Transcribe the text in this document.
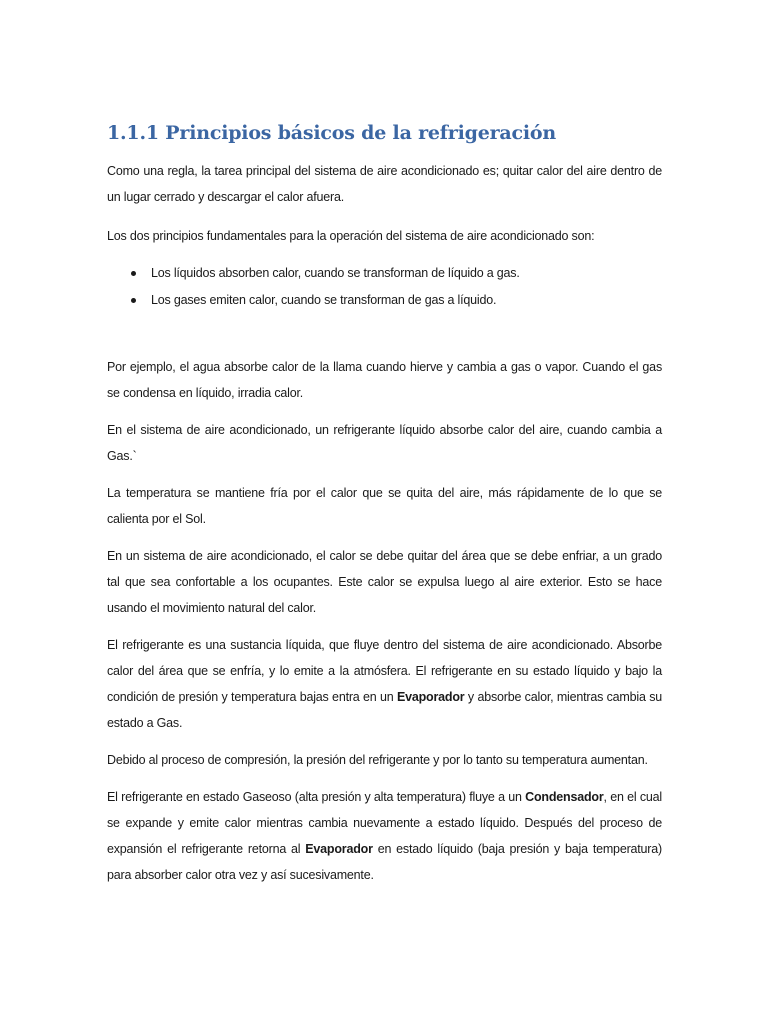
1.1.1 Principios básicos de la refrigeración

Como una regla, la tarea principal del sistema de aire acondicionado es; quitar calor del aire dentro de un lugar cerrado y descargar el calor afuera.

Los dos principios fundamentales para la operación del sistema de aire acondicionado son:

Los líquidos absorben calor, cuando se transforman de líquido a gas.
Los gases emiten calor, cuando se transforman de gas a líquido.

Por ejemplo, el agua absorbe calor de la llama cuando hierve y cambia a gas o vapor. Cuando el gas se condensa en líquido, irradia calor.

En el sistema de aire acondicionado, un refrigerante líquido absorbe calor del aire, cuando cambia a Gas.`

La temperatura se mantiene fría por el calor que se quita del aire, más rápidamente de lo que se calienta por el Sol.

En un sistema de aire acondicionado, el calor se debe quitar del área que se debe enfriar, a un grado tal que sea confortable a los ocupantes. Este calor se expulsa luego al aire exterior. Esto se hace usando el movimiento natural del calor.

El refrigerante es una sustancia líquida, que fluye dentro del sistema de aire acondicionado. Absorbe calor del área que se enfría, y lo emite a la atmósfera. El refrigerante en su estado líquido y bajo la condición de presión y temperatura bajas entra en un Evaporador y absorbe calor, mientras cambia su estado a Gas.

Debido al proceso de compresión, la presión del refrigerante y por lo tanto su temperatura aumentan.

El refrigerante en estado Gaseoso (alta presión y alta temperatura) fluye a un Condensador, en el cual se expande y emite calor mientras cambia nuevamente a estado líquido. Después del proceso de expansión el refrigerante retorna al Evaporador en estado líquido (baja presión y baja temperatura) para absorber calor otra vez y así sucesivamente.
